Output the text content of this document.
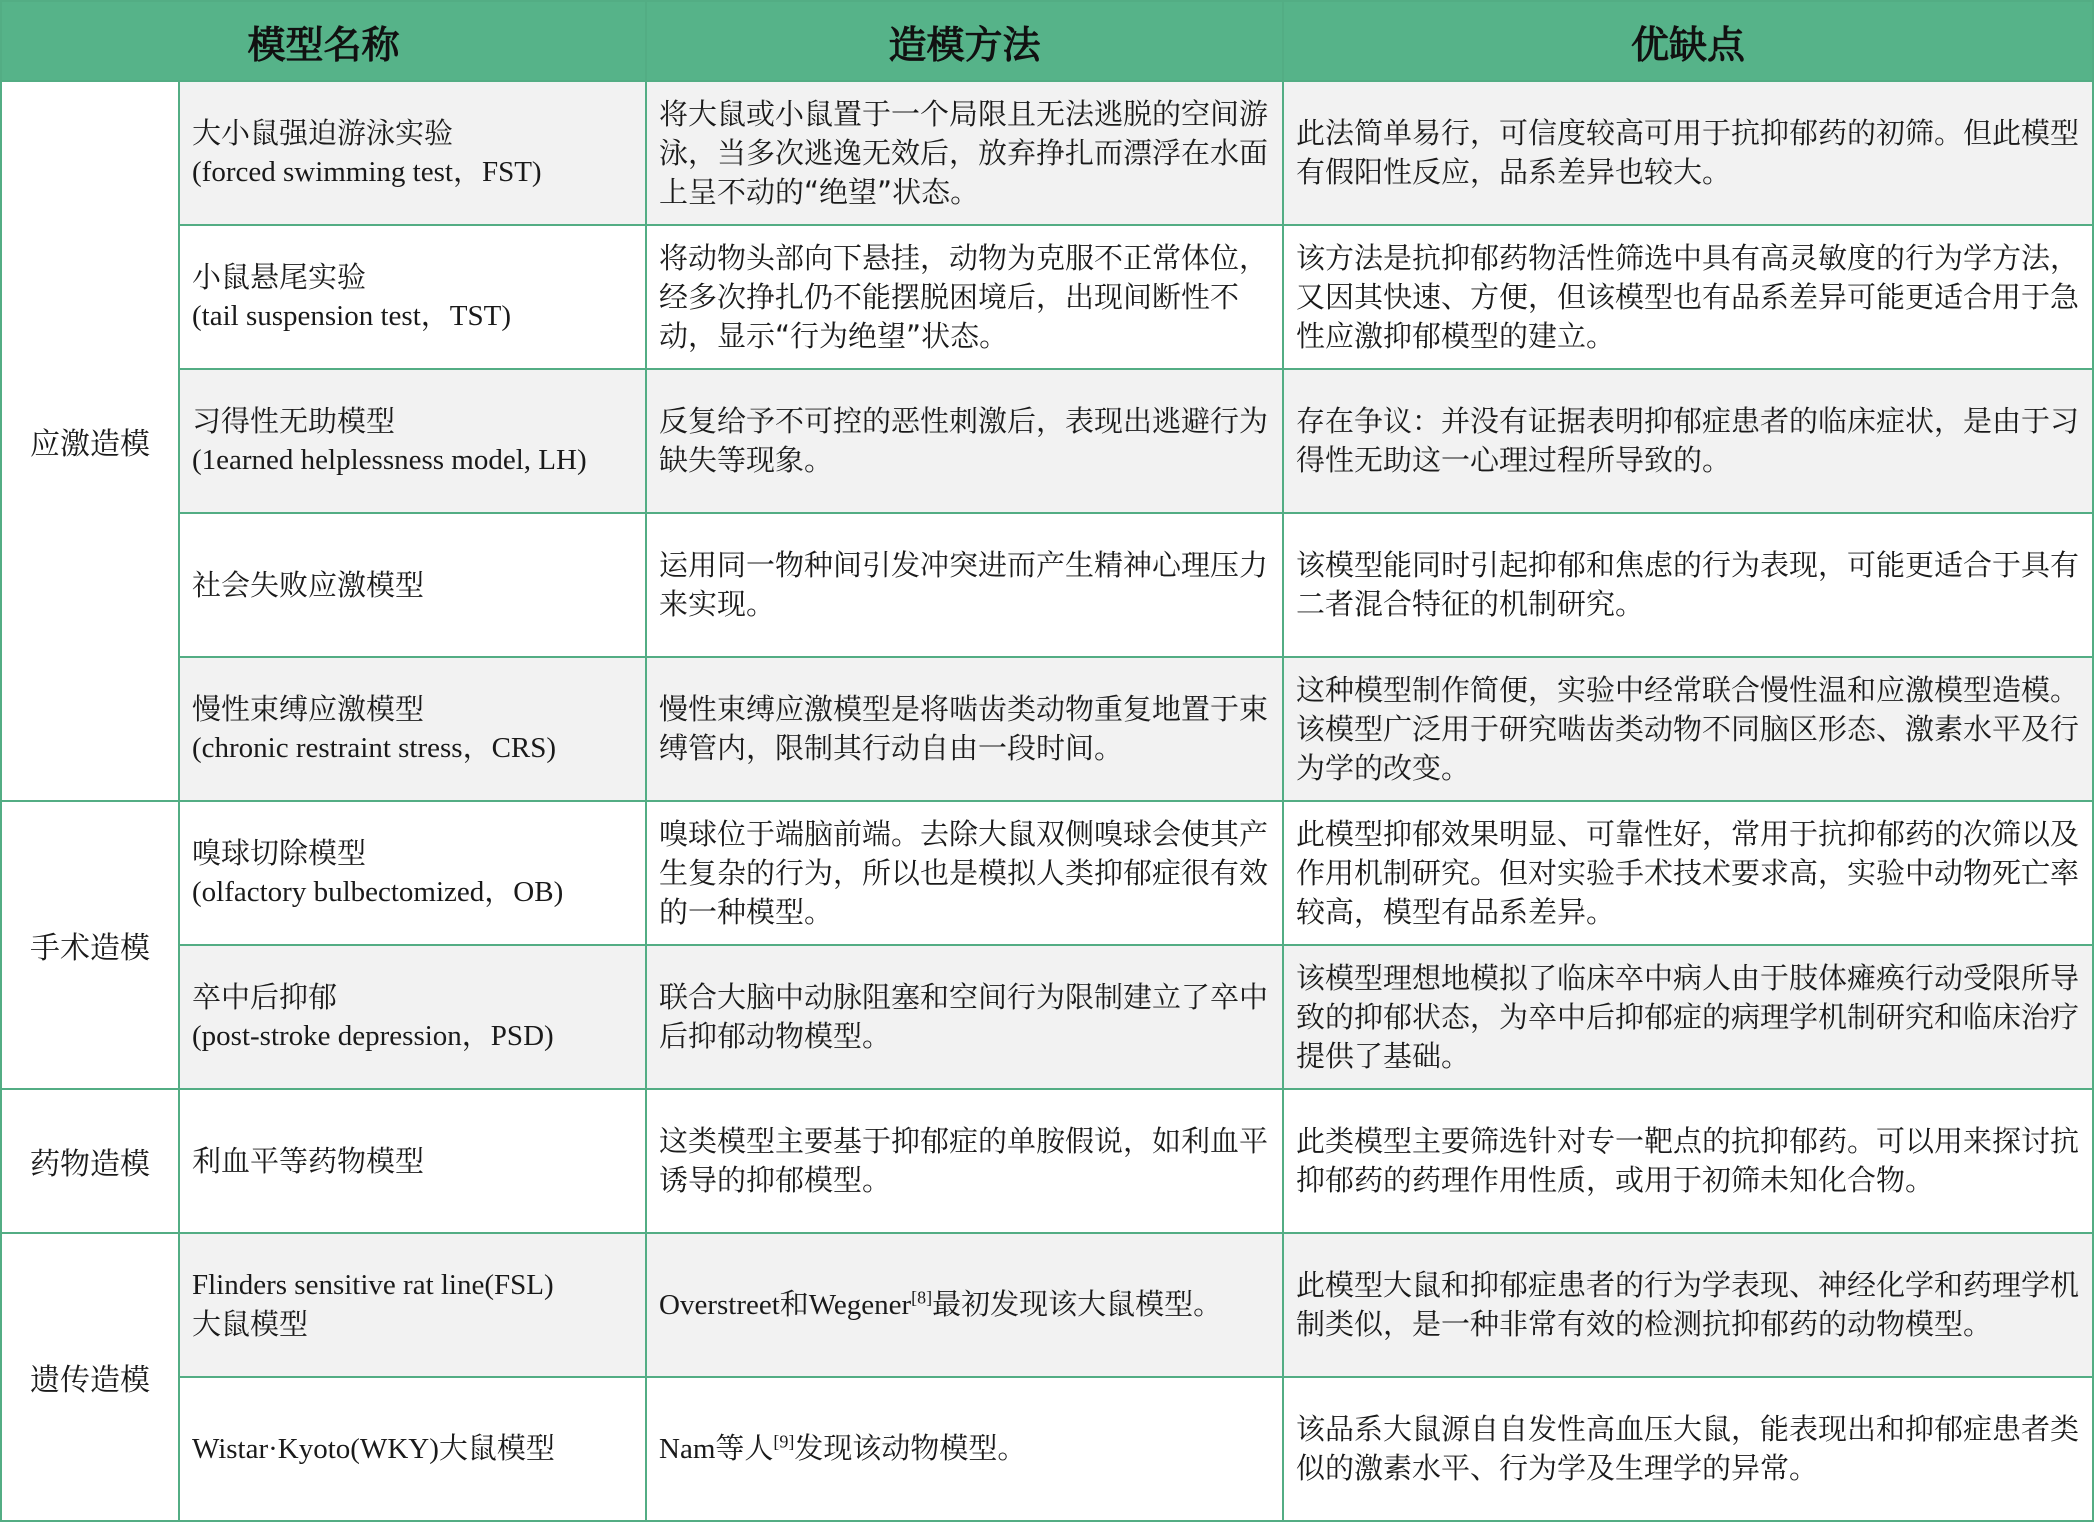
模型名称		造模方法	优缺点
应激造模	大小鼠强迫游泳实验
(forced swimming test，FST)	将大鼠或小鼠置于一个局限且无法逃脱的空间游泳，当多次逃逸无效后，放弃挣扎而漂浮在水面上呈不动的“绝望”状态。	此法简单易行，可信度较高可用于抗抑郁药的初筛。但此模型有假阳性反应，品系差异也较大。

	小鼠悬尾实验
(tail suspension test，TST)	将动物头部向下悬挂，动物为克服不正常体位，经多次挣扎仍不能摆脱困境后，出现间断性不动，显示“行为绝望”状态。	该方法是抗抑郁药物活性筛选中具有高灵敏度的行为学方法，又因其快速、方便，但该模型也有品系差异可能更适合用于急性应激抑郁模型的建立。

	习得性无助模型
(1earned helplessness model, LH)	反复给予不可控的恶性刺激后，表现出逃避行为缺失等现象。	存在争议：并没有证据表明抑郁症患者的临床症状，是由于习得性无助这一心理过程所导致的。

	社会失败应激模型	运用同一物种间引发冲突进而产生精神心理压力来实现。	该模型能同时引起抑郁和焦虑的行为表现，可能更适合于具有二者混合特征的机制研究。

	慢性束缚应激模型
(chronic restraint stress，CRS)	慢性束缚应激模型是将啮齿类动物重复地置于束缚管内，限制其行动自由一段时间。	这种模型制作简便，实验中经常联合慢性温和应激模型造模。该模型广泛用于研究啮齿类动物不同脑区形态、激素水平及行为学的改变。
手术造模	嗅球切除模型
(olfactory bulbectomized，OB)	嗅球位于端脑前端。去除大鼠双侧嗅球会使其产生复杂的行为，所以也是模拟人类抑郁症很有效的一种模型。	此模型抑郁效果明显、可靠性好，常用于抗抑郁药的次筛以及作用机制研究。但对实验手术技术要求高，实验中动物死亡率较高，模型有品系差异。

	卒中后抑郁
(post-stroke depression，PSD)	联合大脑中动脉阻塞和空间行为限制建立了卒中后抑郁动物模型。	该模型理想地模拟了临床卒中病人由于肢体瘫痪行动受限所导致的抑郁状态，为卒中后抑郁症的病理学机制研究和临床治疗提供了基础。
药物造模	利血平等药物模型	这类模型主要基于抑郁症的单胺假说，如利血平诱导的抑郁模型。	此类模型主要筛选针对专一靶点的抗抑郁药。可以用来探讨抗抑郁药的药理作用性质，或用于初筛未知化合物。
遗传造模	Flinders sensitive rat line(FSL)
大鼠模型	Overstreet和Wegener[8]最初发现该大鼠模型。	此模型大鼠和抑郁症患者的行为学表现、神经化学和药理学机制类似，是一种非常有效的检测抗抑郁药的动物模型。
	Wistar·Kyoto(WKY)大鼠模型	Nam等人[9]发现该动物模型。	该品系大鼠源自自发性高血压大鼠，能表现出和抑郁症患者类似的激素水平、行为学及生理学的异常。
